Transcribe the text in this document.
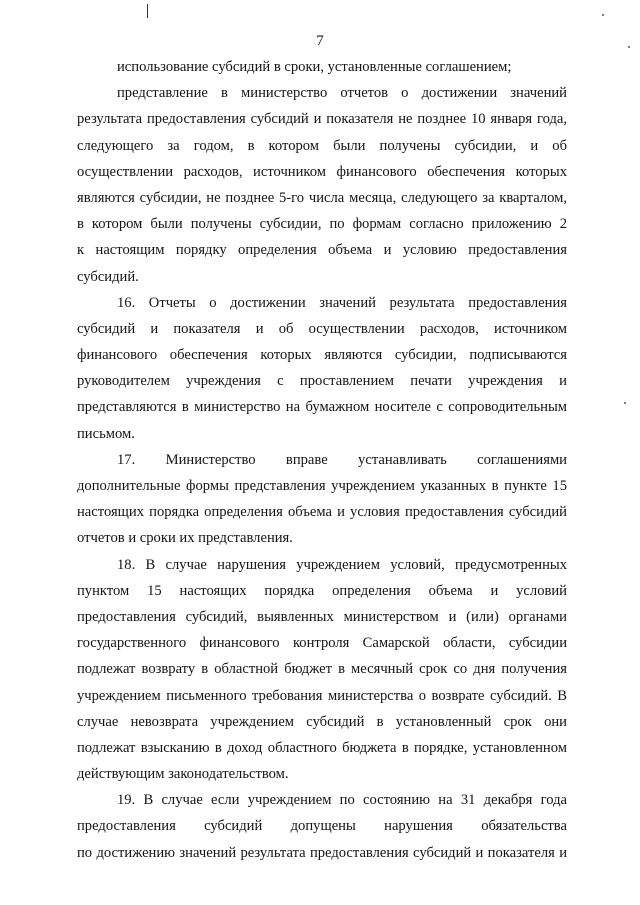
7
использование субсидий в сроки, установленные соглашением;
представление в министерство отчетов о достижении значений
результата предоставления субсидий и показателя не позднее 10 января года,
следующего за годом, в котором были получены субсидии, и об
осуществлении расходов, источником финансового обеспечения которых
являются субсидии, не позднее 5-го числа месяца, следующего за кварталом,
в котором были получены субсидии, по формам согласно приложению 2
к настоящим порядку определения объема и условию предоставления
субсидий.
16. Отчеты о достижении значений результата предоставления
субсидий и показателя и об осуществлении расходов, источником
финансового обеспечения которых являются субсидии, подписываются
руководителем учреждения с проставлением печати учреждения и
представляются в министерство на бумажном носителе с сопроводительным
письмом.
17. Министерство вправе устанавливать соглашениями
дополнительные формы представления учреждением указанных в пункте 15
настоящих порядка определения объема и условия предоставления субсидий
отчетов и сроки их представления.
18. В случае нарушения учреждением условий, предусмотренных
пунктом 15 настоящих порядка определения объема и условий
предоставления субсидий, выявленных министерством и (или) органами
государственного финансового контроля Самарской области, субсидии
подлежат возврату в областной бюджет в месячный срок со дня получения
учреждением письменного требования министерства о возврате субсидий. В
случае невозврата учреждением субсидий в установленный срок они
подлежат взысканию в доход областного бюджета в порядке, установленном
действующим законодательством.
19. В случае если учреждением по состоянию на 31 декабря года
предоставления субсидий допущены нарушения обязательства
по достижению значений результата предоставления субсидий и показателя и
